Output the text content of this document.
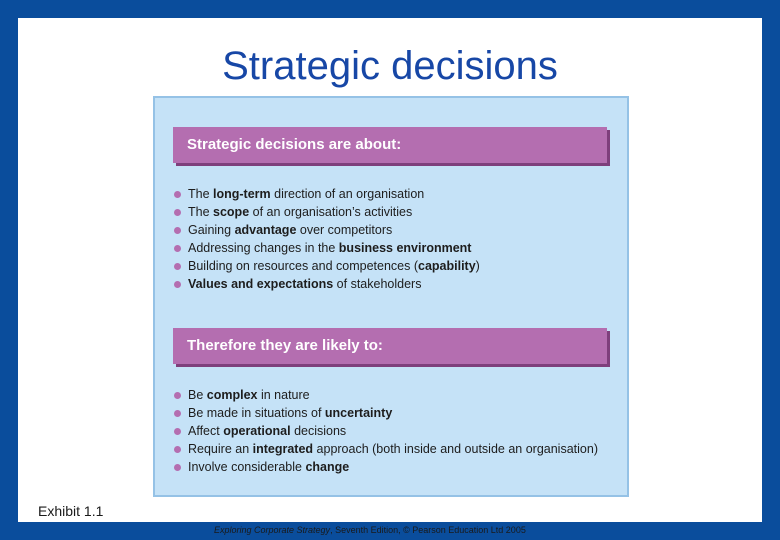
Strategic decisions
Strategic decisions are about:
The long-term direction of an organisation
The scope of an organisation’s activities
Gaining advantage over competitors
Addressing changes in the business environment
Building on resources and competences (capability)
Values and expectations of stakeholders
Therefore they are likely to:
Be complex in nature
Be made in situations of uncertainty
Affect operational decisions
Require an integrated approach (both inside and outside an organisation)
Involve considerable change
Exhibit 1.1
Exploring Corporate Strategy, Seventh Edition, © Pearson Education Ltd 2005
